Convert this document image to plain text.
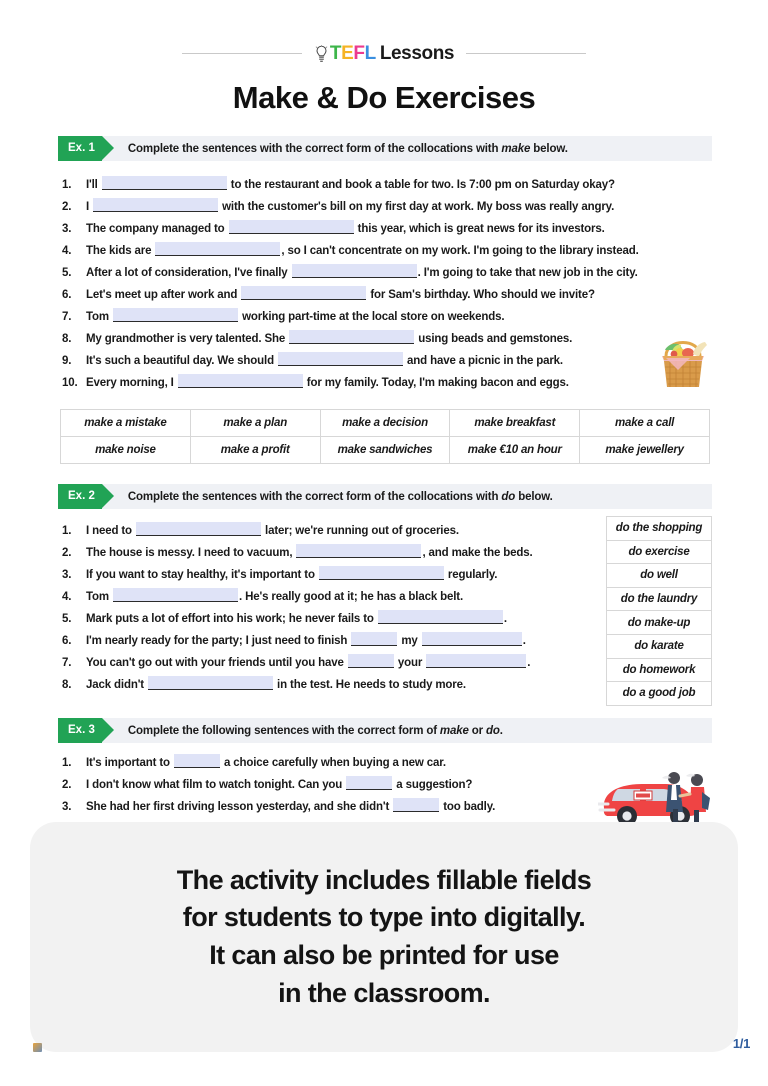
TEFL Lessons
Make & Do Exercises
Ex. 1	Complete the sentences with the correct form of the collocations with make below.
1.	I'll	to the restaurant and book a table for two. Is 7:00 pm on Saturday okay?
2.	I	with the customer's bill on my first day at work. My boss was really angry.
3.	The company managed to	this year, which is great news for its investors.
4.	The kids are	, so I can't concentrate on my work. I'm going to the library instead.
5.	After a lot of consideration, I've finally	. I'm going to take that new job in the city.
6.	Let's meet up after work and	for Sam's birthday. Who should we invite?
7.	Tom	working part-time at the local store on weekends.
8.	My grandmother is very talented. She	using beads and gemstones.
9.	It's such a beautiful day. We should	and have a picnic in the park.
10. Every morning, I	for my family. Today, I'm making bacon and eggs.
make a mistake	make a plan	make a decision	make breakfast	make a call
make noise	make a profit	make sandwiches	make €10 an hour	make jewellery
Ex. 2	Complete the sentences with the correct form of the collocations with do below.
1.	I need to	later; we're running out of groceries.
2.	The house is messy. I need to vacuum,	, and make the beds.
3.	If you want to stay healthy, it's important to	regularly.
4.	Tom	. He's really good at it; he has a black belt.
5.	Mark puts a lot of effort into his work; he never fails to	.
6.	I'm nearly ready for the party; I just need to finish	my	.
7.	You can't go out with your friends until you have	your	.
8.	Jack didn't	in the test. He needs to study more.
do the shopping
do exercise
do well
do the laundry
do make-up
do karate
do homework
do a good job
Ex. 3	Complete the following sentences with the correct form of make or do.
1.	It's important to	a choice carefully when buying a new car.
2.	I don't know what film to watch tonight. Can you	a suggestion?
3.	She had her first driving lesson yesterday, and she didn't	too badly.
The activity includes fillable fields
for students to type into digitally.
It can also be printed for use
in the classroom.
1/1
